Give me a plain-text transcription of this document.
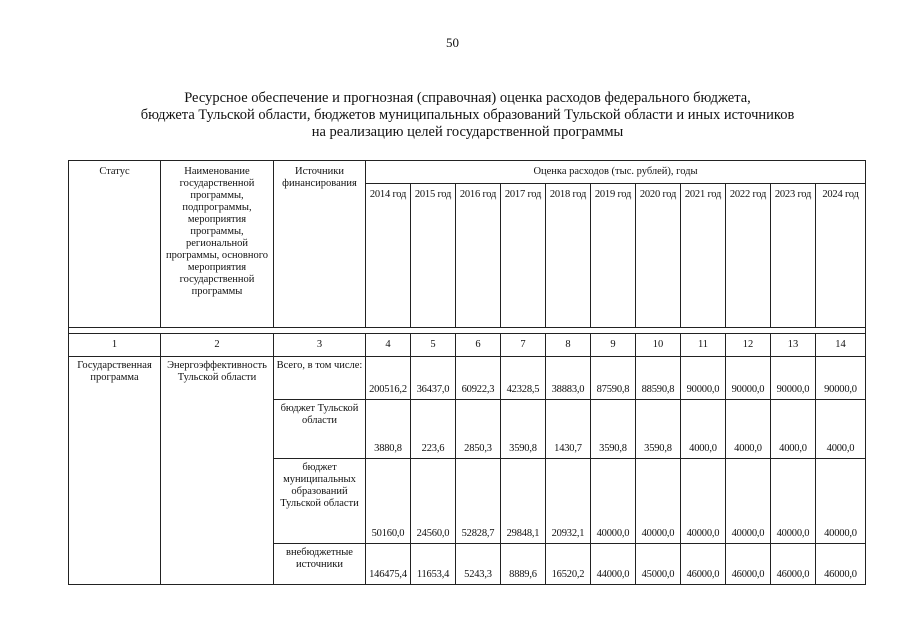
50
Ресурсное обеспечение и прогнозная (справочная) оценка расходов федерального бюджета,
бюджета Тульской области, бюджетов муниципальных образований Тульской области и иных источников
на реализацию целей государственной программы
Статус	Наименование государственной программы, подпрограммы, мероприятия программы, региональной программы, основного мероприятия государственной программы	Источники финансирования	Оценка расходов (тыс. рублей), годы										
			2014 год	2015 год	2016 год	2017 год	2018 год	2019 год	2020 год	2021 год	2022 год	2023 год	2024 год

1	2	3	4	5	6	7	8	9	10	11	12	13	14
Государственная программа	Энергоэффективность Тульской области	Всего, в том числе:	200516,2	36437,0	60922,3	42328,5	38883,0	87590,8	88590,8	90000,0	90000,0	90000,0	90000,0
		бюджет Тульской области	3880,8	223,6	2850,3	3590,8	1430,7	3590,8	3590,8	4000,0	4000,0	4000,0	4000,0
		бюджет муниципальных образований Тульской области	50160,0	24560,0	52828,7	29848,1	20932,1	40000,0	40000,0	40000,0	40000,0	40000,0	40000,0
		внебюджетные источники	146475,4	11653,4	5243,3	8889,6	16520,2	44000,0	45000,0	46000,0	46000,0	46000,0	46000,0
